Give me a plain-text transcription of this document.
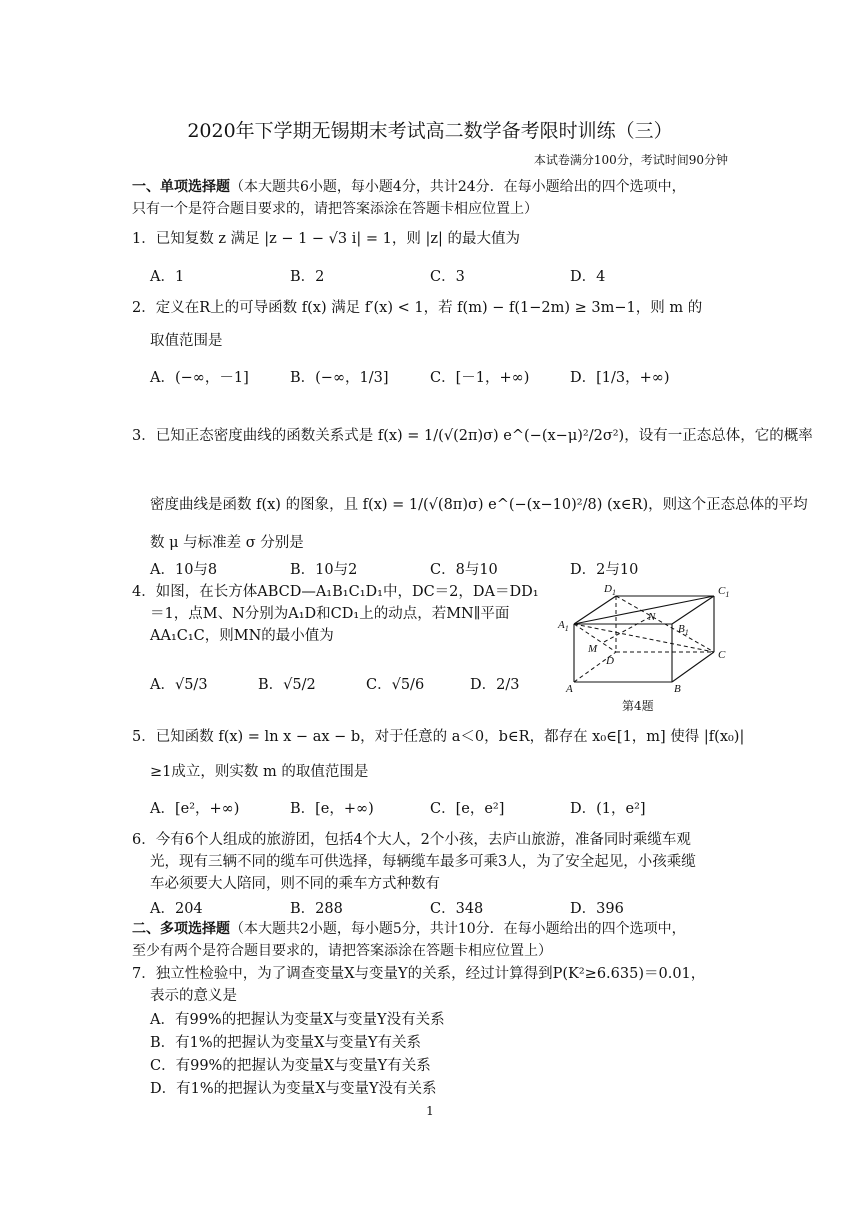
2020年下学期无锡期末考试高二数学备考限时训练（三）
本试卷满分100分，考试时间90分钟
一、单项选择题（本大题共6小题，每小题4分，共计24分．在每小题给出的四个选项中，
只有一个是符合题目要求的，请把答案添涂在答题卡相应位置上）
1．已知复数 z 满足 |z − 1 − √3 i| = 1，则 |z| 的最大值为
A．1	B．2	C．3	D．4
2．定义在R上的可导函数 f(x) 满足 f′(x) < 1，若 f(m) − f(1−2m) ≥ 3m−1，则 m 的
取值范围是
A．(−∞，－1]	B．(−∞，1/3]	C．[－1，+∞)	D．[1/3，+∞)
3．已知正态密度曲线的函数关系式是 f(x) = 1/(√(2π)σ) e^(−(x−μ)²/2σ²)，设有一正态总体，它的概率
密度曲线是函数 f(x) 的图象，且 f(x) = 1/(√(8π)σ) e^(−(x−10)²/8) (x∈R)，则这个正态总体的平均
数 μ 与标准差 σ 分别是
A．10与8	B．10与2	C．8与10	D．2与10
4．如图，在长方体ABCD—A₁B₁C₁D₁中，DC＝2，DA＝DD₁
＝1，点M、N分别为A₁D和CD₁上的动点，若MN∥平面
AA₁C₁C，则MN的最小值为
A．√5/3	B．√5/2	C．√5/6	D．2/3
$D_1$	$C_1$
$A_1$	$B_1$
N
M
D	C
A	B
第4题
5．已知函数 f(x) = ln x − ax − b，对于任意的 a＜0，b∈R，都存在 x₀∈[1，m] 使得 |f(x₀)|
≥1成立，则实数 m 的取值范围是
A．[e²，+∞)	B．[e，+∞)	C．[e，e²]	D．(1，e²]
6．今有6个人组成的旅游团，包括4个大人，2个小孩，去庐山旅游，准备同时乘缆车观
光，现有三辆不同的缆车可供选择，每辆缆车最多可乘3人，为了安全起见，小孩乘缆
车必须要大人陪同，则不同的乘车方式种数有
A．204	B．288	C．348	D．396
二、多项选择题（本大题共2小题，每小题5分，共计10分．在每小题给出的四个选项中，
至少有两个是符合题目要求的，请把答案添涂在答题卡相应位置上）
7．独立性检验中，为了调查变量X与变量Y的关系，经过计算得到P(K²≥6.635)＝0.01，
表示的意义是
A．有99%的把握认为变量X与变量Y没有关系
B．有1%的把握认为变量X与变量Y有关系
C．有99%的把握认为变量X与变量Y有关系
D．有1%的把握认为变量X与变量Y没有关系
1
